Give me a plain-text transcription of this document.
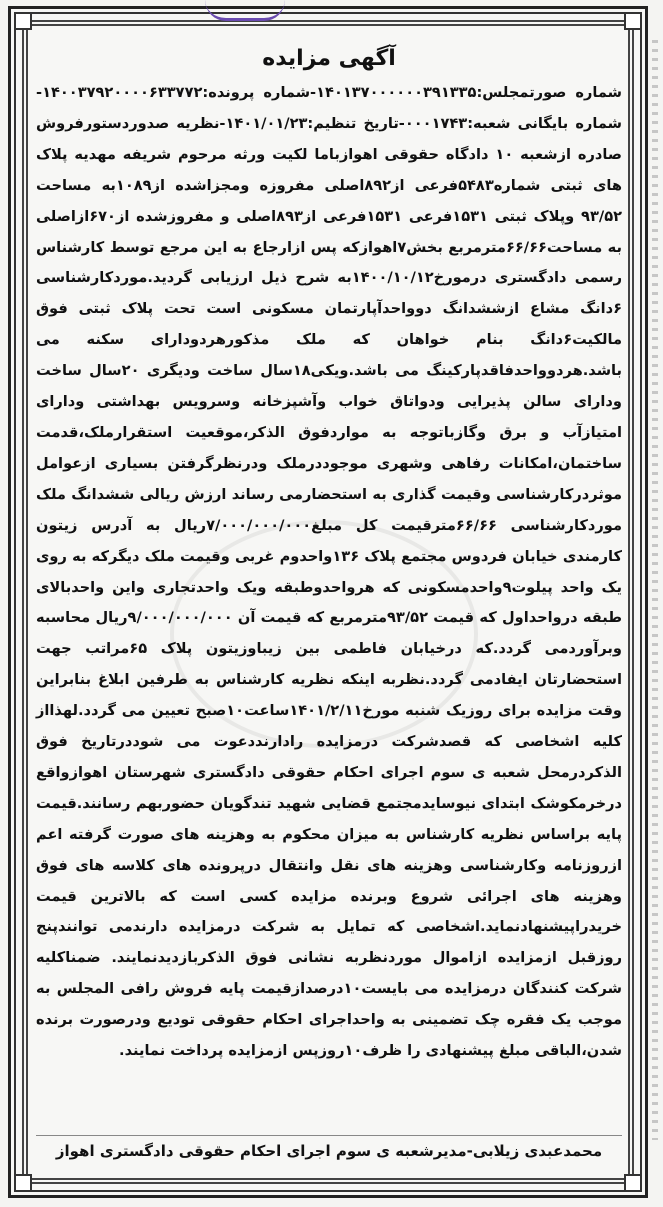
آگهی مزایده

شماره صورتمجلس:۱۴۰۱۳۷۰۰۰۰۰۰۳۹۱۳۳۵-شماره پرونده:۱۴۰۰۳۷۹۲۰۰۰۰۶۳۳۷۷۲-شماره بایگانی شعبه:۰۰۰۱۷۴۳-تاریخ تنظیم:۱۴۰۱/۰۱/۲۳-نظریه صدوردستورفروش صادره ازشعبه ۱۰ دادگاه حقوقی اهوازباما لکیت ورثه مرحوم شریفه مهدیه پلاک های ثبتی شماره۵۴۸۳فرعی از۸۹۲اصلی مفروزه ومجزاشده از۱۰۸۹به مساحت ۹۳/۵۲ وپلاک ثبتی ۱۵۳۱فرعی ۱۵۳۱فرعی از۸۹۳اصلی و مفروزشده از۶۷۰ازاصلی به مساحت۶۶/۶۶مترمربع بخش۷اهوازکه پس ازارجاع به این مرجع توسط کارشناس رسمی دادگستری درمورخ۱۴۰۰/۱۰/۱۲به شرح ذیل ارزیابی گردید.موردکارشناسی ۶دانگ مشاع ازششدانگ دوواحدآپارتمان مسکونی است تحت پلاک ثبتی فوق مالکیت۶دانگ بنام خواهان که ملک مذکورهردودارای سکنه می باشد.هردوواحدفاقدپارکینگ می باشد.ویکی۱۸سال ساخت ودیگری ۲۰سال ساخت ودارای سالن پذیرایی ودواتاق خواب وآشپزخانه وسرویس بهداشتی ودارای امتیازآب و برق وگازباتوجه به مواردفوق الذکر،موقعیت استقرارملک،قدمت ساختمان،امکانات رفاهی وشهری موجوددرملک ودرنظرگرفتن بسیاری ازعوامل موثردرکارشناسی وقیمت گذاری به استحضارمی رساند ارزش ریالی ششدانگ ملک موردکارشناسی ۶۶/۶۶مترقیمت کل مبلغ۷/۰۰۰/۰۰۰/۰۰۰ریال به آدرس زیتون کارمندی خیابان فردوس مجتمع پلاک ۱۳۶واحدوم غربی وقیمت ملک دیگرکه به روی یک واحد پیلوت۹واحدمسکونی که هرواحدوطبقه ویک واحدتجاری واین واحدبالای طبقه درواحداول که قیمت ۹۳/۵۲مترمربع که قیمت آن ۹/۰۰۰/۰۰۰/۰۰۰ریال محاسبه وبرآوردمی گردد.که درخیابان فاطمی بین زیباوزیتون پلاک ۶۵مراتب جهت استحضارتان ایفادمی گردد.نظربه اینکه نظریه کارشناس به طرفین ابلاغ بنابراین وقت مزایده برای روزیک شنبه مورخ۱۴۰۱/۲/۱۱ساعت۱۰صبح تعیین می گردد.لهذااز کلیه اشخاصی که قصدشرکت درمزایده رادارنددعوت می شوددرتاریخ فوق الذکردرمحل شعبه ی سوم اجرای احکام حقوقی دادگستری شهرستان اهوازواقع درخرمکوشک ابتدای نیوسایدمجتمع قضایی شهید تندگویان حضوربهم رسانند.قیمت پایه براساس نظریه کارشناس به میزان محکوم به وهزینه های صورت گرفته اعم ازروزنامه وکارشناسی وهزینه های نقل وانتقال درپرونده های کلاسه های فوق وهزینه های اجرائی شروع وبرنده مزایده کسی است که بالاترین قیمت خریدراپیشنهادنماید.اشخاصی که تمایل به شرکت درمزایده دارندمی توانندپنج روزقبل ازمزایده ازاموال موردنظربه نشانی فوق الذکربازدیدنمایند. ضمناکلیه شرکت کنندگان درمزایده می بایست۱۰درصدازقیمت پایه فروش رافی المجلس به موجب یک فقره چک تضمینی به واحداجرای احکام حقوقی تودیع ودرصورت برنده شدن،الباقی مبلغ پیشنهادی را ظرف۱۰روزپس ازمزایده پرداخت نمایند.

محمدعبدی زیلابی-مدیرشعبه ی سوم اجرای احکام حقوقی دادگستری اهواز
